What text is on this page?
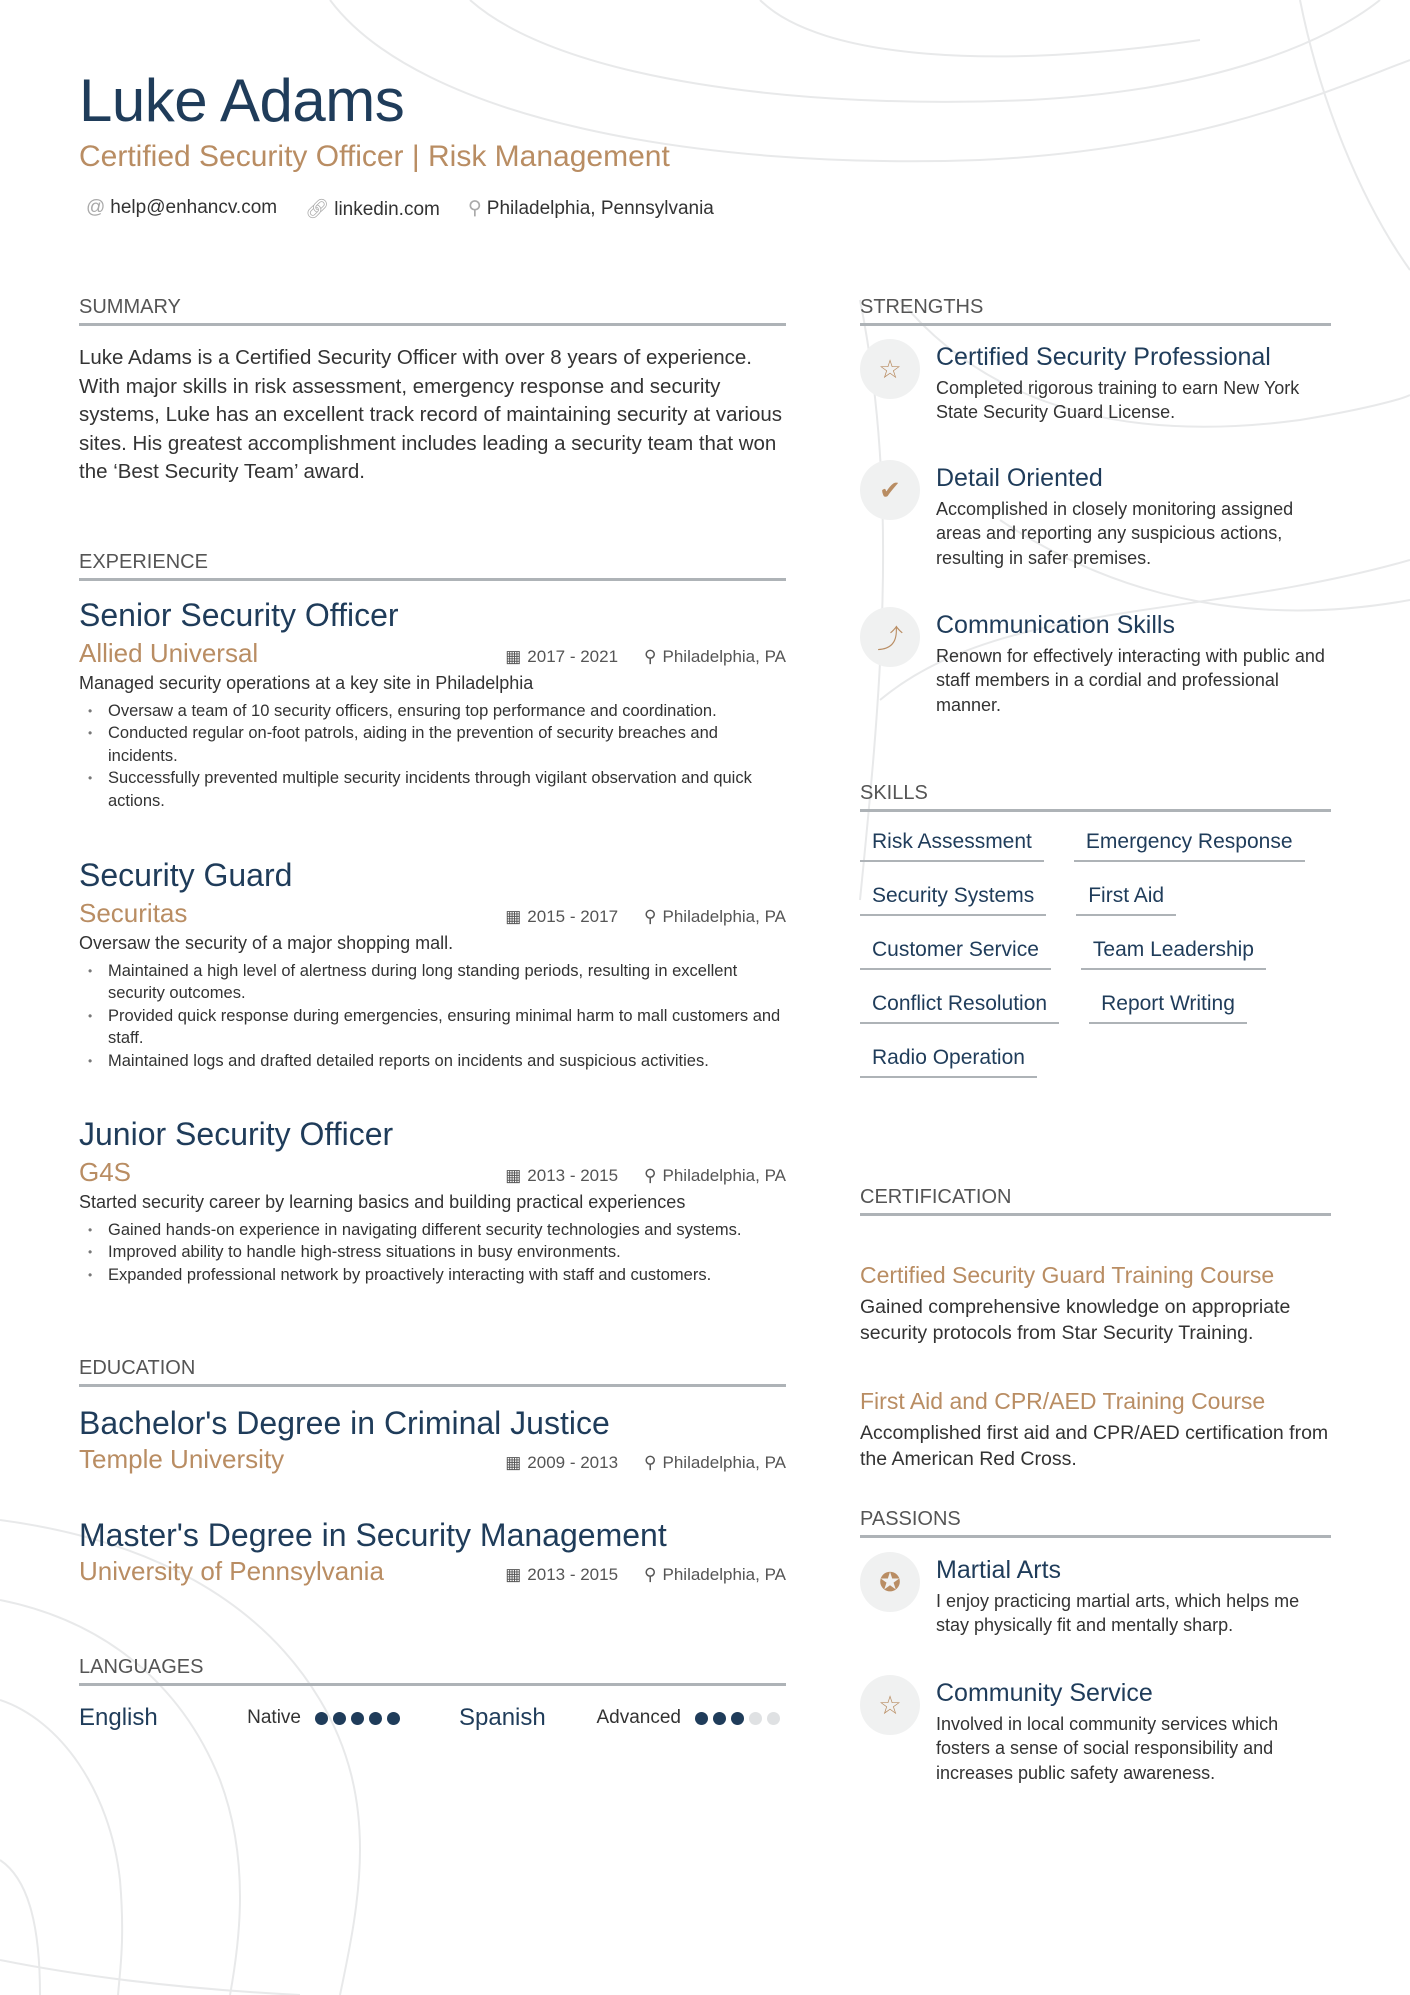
Luke Adams
Certified Security Officer | Risk Management
@ help@enhancv.com 🔗︎ linkedin.com ⚲ Philadelphia, Pennsylvania
SUMMARY
Luke Adams is a Certified Security Officer with over 8 years of experience. With major skills in risk assessment, emergency response and security systems, Luke has an excellent track record of maintaining security at various sites. His greatest accomplishment includes leading a security team that won the ‘Best Security Team’ award.
EXPERIENCE
Senior Security Officer
Allied Universal	▦ 2017 - 2021 ⚲ Philadelphia, PA
Managed security operations at a key site in Philadelphia
• Oversaw a team of 10 security officers, ensuring top performance and coordination.
• Conducted regular on-foot patrols, aiding in the prevention of security breaches and incidents.
• Successfully prevented multiple security incidents through vigilant observation and quick actions.
Security Guard
Securitas	▦ 2015 - 2017 ⚲ Philadelphia, PA
Oversaw the security of a major shopping mall.
• Maintained a high level of alertness during long standing periods, resulting in excellent security outcomes.
• Provided quick response during emergencies, ensuring minimal harm to mall customers and staff.
• Maintained logs and drafted detailed reports on incidents and suspicious activities.
Junior Security Officer
G4S	▦ 2013 - 2015 ⚲ Philadelphia, PA
Started security career by learning basics and building practical experiences
• Gained hands-on experience in navigating different security technologies and systems.
• Improved ability to handle high-stress situations in busy environments.
• Expanded professional network by proactively interacting with staff and customers.
EDUCATION
Bachelor's Degree in Criminal Justice
Temple University	▦ 2009 - 2013 ⚲ Philadelphia, PA
Master's Degree in Security Management
University of Pennsylvania	▦ 2013 - 2015 ⚲ Philadelphia, PA
LANGUAGES
English	Native	Spanish	Advanced
STRENGTHS
☆	Certified Security Professional

Completed rigorous training to earn New York State Security Guard License.

✔	Detail Oriented

Accomplished in closely monitoring assigned areas and reporting any suspicious actions, resulting in safer premises.

⤴	Communication Skills

Renown for effectively interacting with public and staff members in a cordial and professional manner.

SKILLS
Risk Assessment	Emergency Response
Security Systems	First Aid
Customer Service	Team Leadership
Conflict Resolution	Report Writing
Radio Operation
CERTIFICATION
Certified Security Guard Training Course

Gained comprehensive knowledge on appropriate security protocols from Star Security Training.

First Aid and CPR/AED Training Course

Accomplished first aid and CPR/AED certification from the American Red Cross.

PASSIONS
✪	Martial Arts

I enjoy practicing martial arts, which helps me stay physically fit and mentally sharp.

☆	Community Service

Involved in local community services which fosters a sense of social responsibility and increases public safety awareness.
